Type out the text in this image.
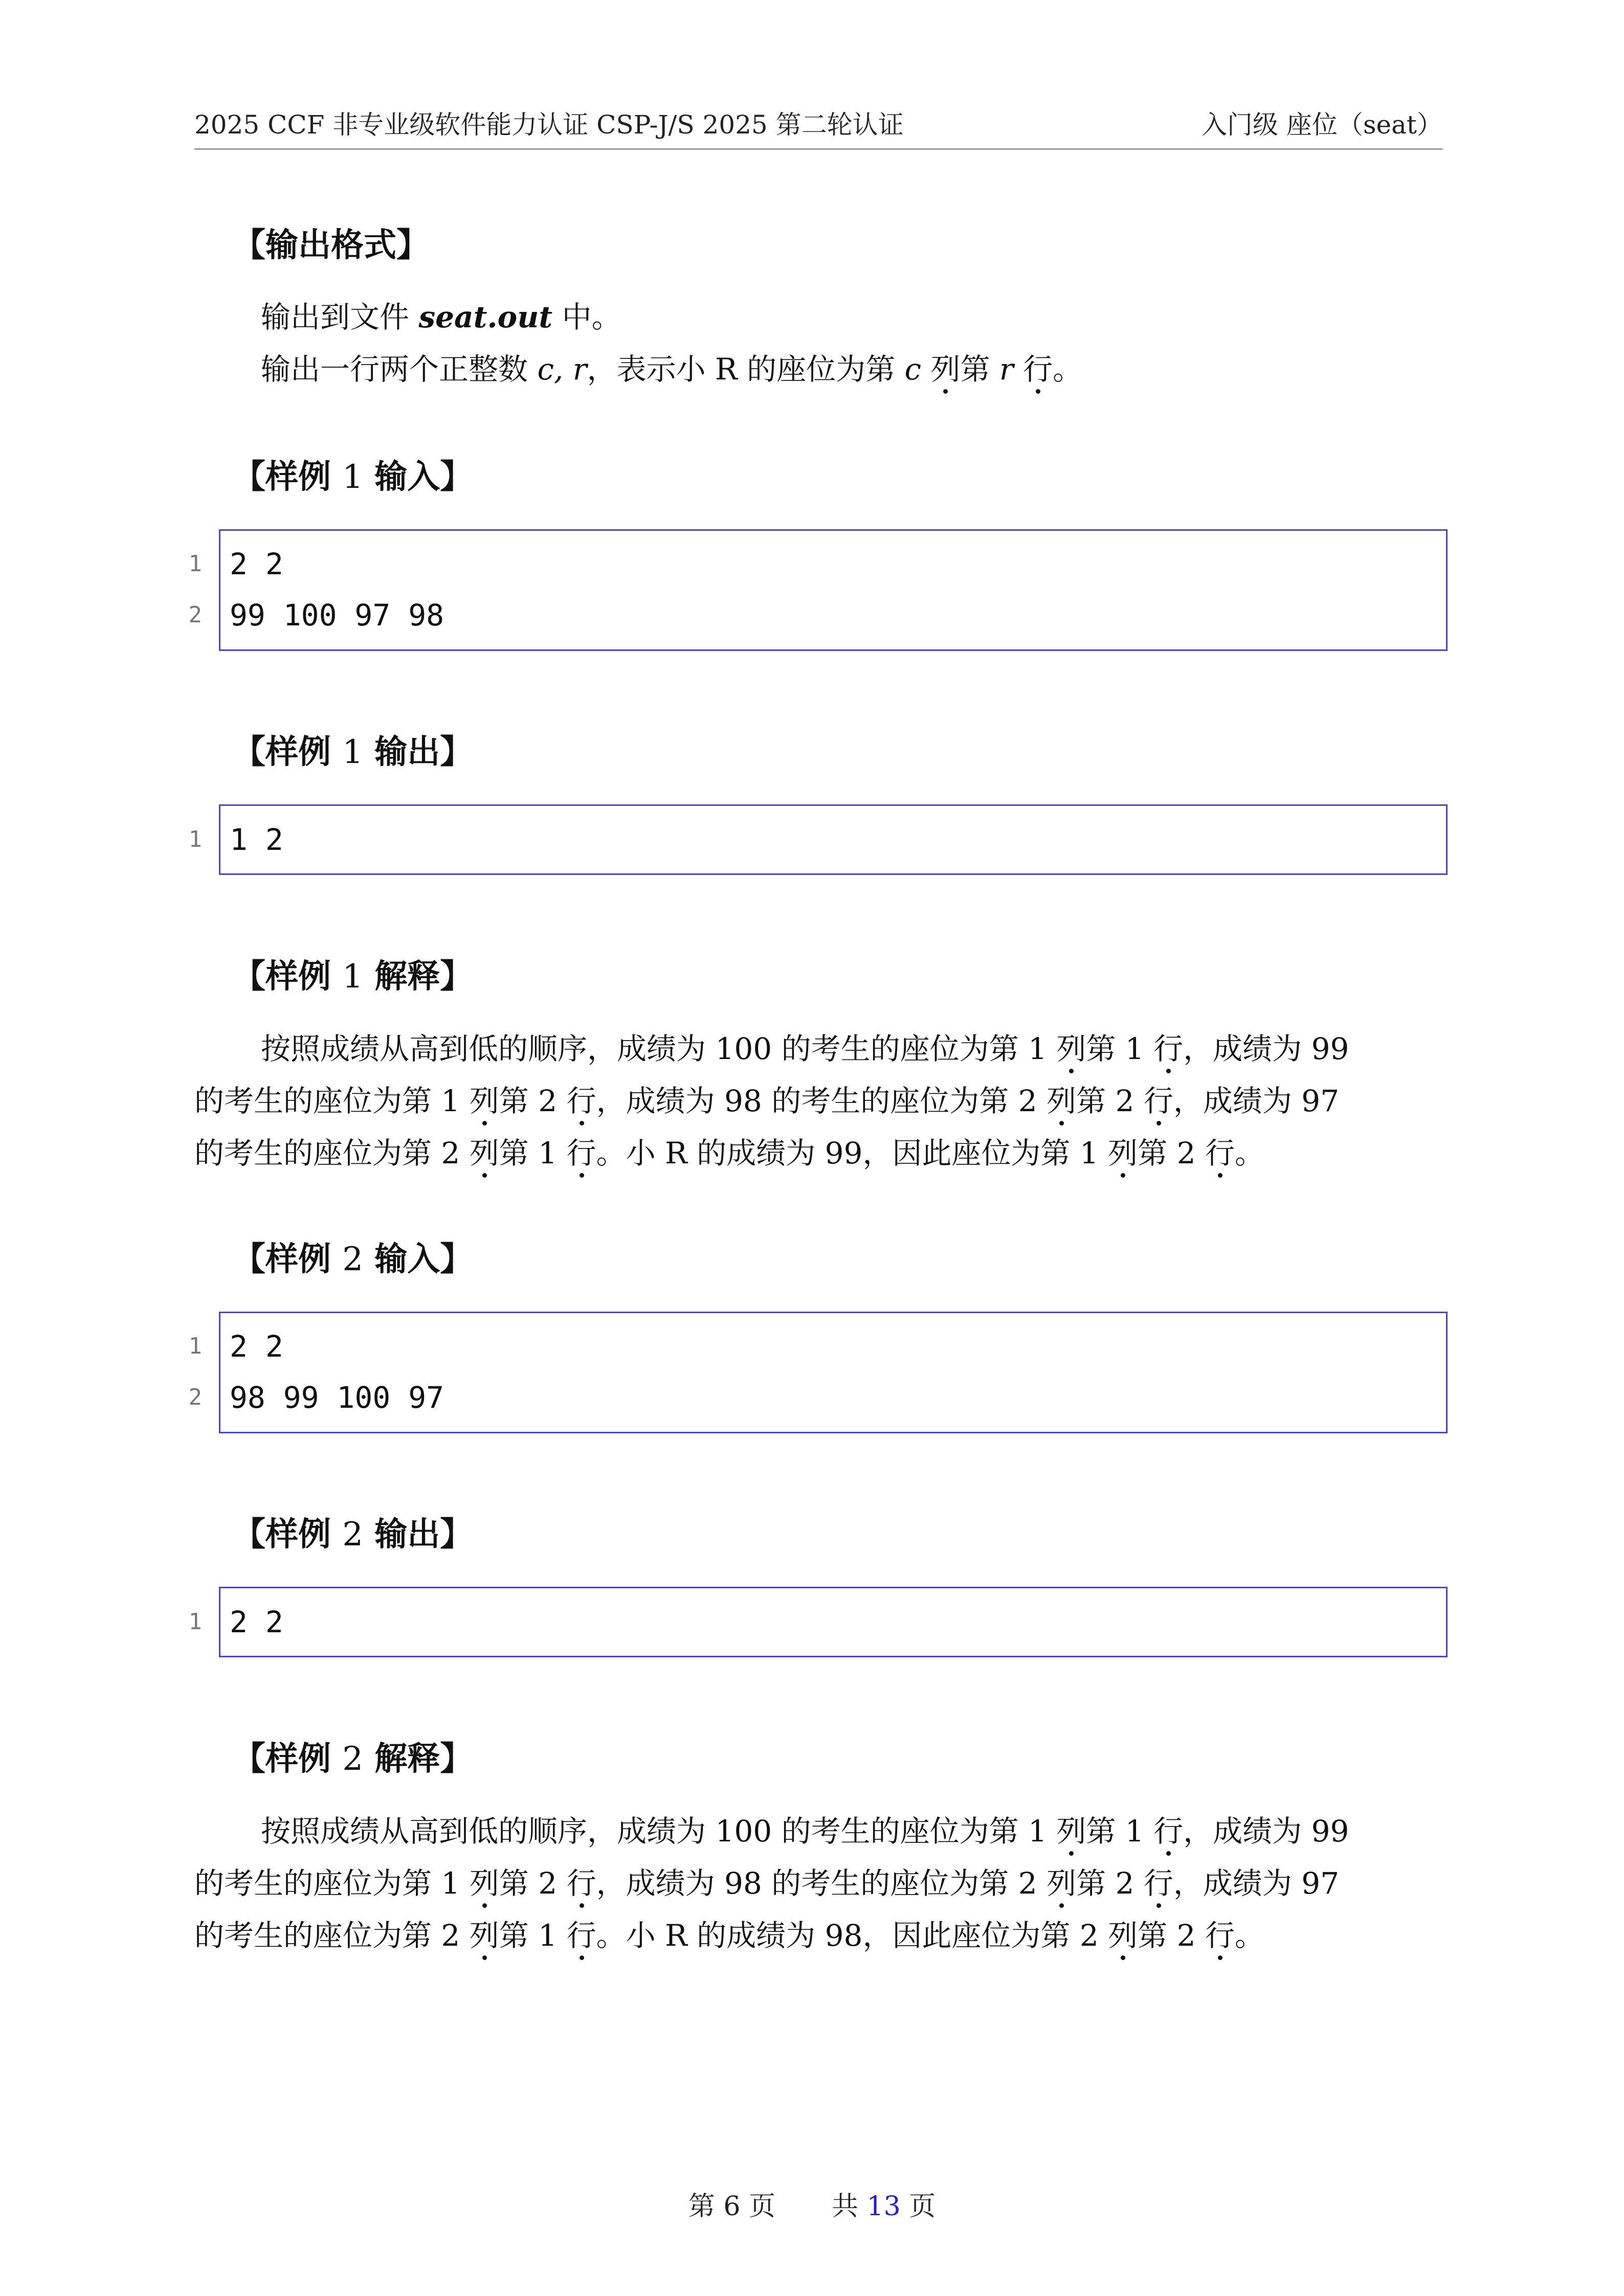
2025 CCF 非专业级软件能力认证 CSP-J/S 2025 第二轮认证	入门级 座位（seat）
【输出格式】
输出到文件 seat.out 中。
输出一行两个正整数 c, r，表示小 R 的座位为第 c 列第 r 行。
【样例 1 输入】
1
2
2 2
99 100 97 98
【样例 1 输出】
1 1 2
【样例 1 解释】
按照成绩从高到低的顺序，成绩为 100 的考生的座位为第 1 列第 1 行，成绩为 99
的考生的座位为第 1 列第 2 行，成绩为 98 的考生的座位为第 2 列第 2 行，成绩为 97
的考生的座位为第 2 列第 1 行。小 R 的成绩为 99，因此座位为第 1 列第 2 行。
【样例 2 输入】
1
2
2 2
98 99 100 97
【样例 2 输出】
1 2 2
【样例 2 解释】
按照成绩从高到低的顺序，成绩为 100 的考生的座位为第 1 列第 1 行，成绩为 99
的考生的座位为第 1 列第 2 行，成绩为 98 的考生的座位为第 2 列第 2 行，成绩为 97
的考生的座位为第 2 列第 1 行。小 R 的成绩为 98，因此座位为第 2 列第 2 行。
第 6 页 共 13 页
